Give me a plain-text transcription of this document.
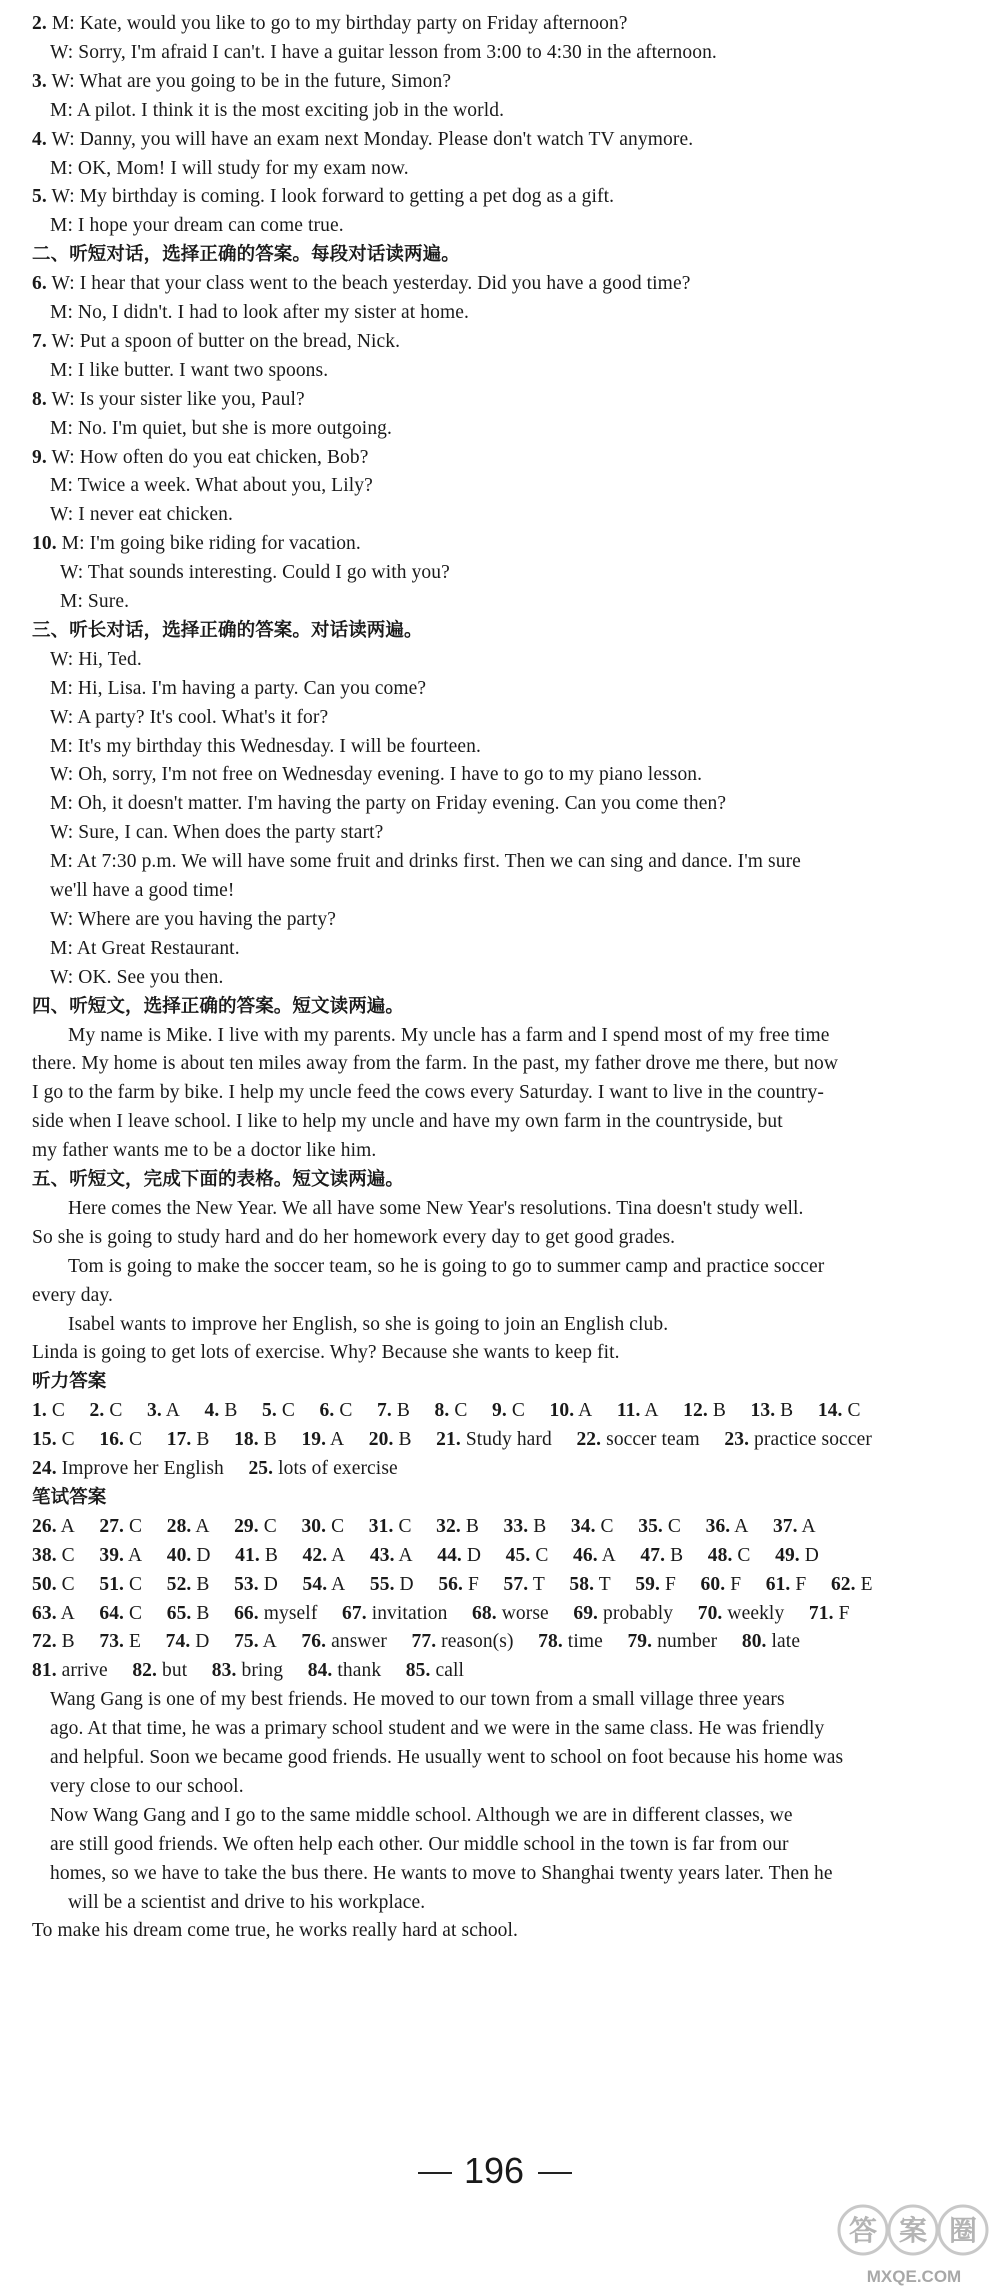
196
答 案 圈
MXQE.COM
2. M: Kate, would you like to go to my birthday party on Friday afternoon?
W: Sorry, I'm afraid I can't. I have a guitar lesson from 3:00 to 4:30 in the afternoon.
3. W: What are you going to be in the future, Simon?
M: A pilot. I think it is the most exciting job in the world.
4. W: Danny, you will have an exam next Monday. Please don't watch TV anymore.
M: OK, Mom! I will study for my exam now.
5. W: My birthday is coming. I look forward to getting a pet dog as a gift.
M: I hope your dream can come true.
二、听短对话，选择正确的答案。每段对话读两遍。
6. W: I hear that your class went to the beach yesterday. Did you have a good time?
M: No, I didn't. I had to look after my sister at home.
7. W: Put a spoon of butter on the bread, Nick.
M: I like butter. I want two spoons.
8. W: Is your sister like you, Paul?
M: No. I'm quiet, but she is more outgoing.
9. W: How often do you eat chicken, Bob?
M: Twice a week. What about you, Lily?
W: I never eat chicken.
10. M: I'm going bike riding for vacation.
W: That sounds interesting. Could I go with you?
M: Sure.
三、听长对话，选择正确的答案。对话读两遍。
W: Hi, Ted.
M: Hi, Lisa. I'm having a party. Can you come?
W: A party? It's cool. What's it for?
M: It's my birthday this Wednesday. I will be fourteen.
W: Oh, sorry, I'm not free on Wednesday evening. I have to go to my piano lesson.
M: Oh, it doesn't matter. I'm having the party on Friday evening. Can you come then?
W: Sure, I can. When does the party start?
M: At 7:30 p.m. We will have some fruit and drinks first. Then we can sing and dance. I'm sure
we'll have a good time!
W: Where are you having the party?
M: At Great Restaurant.
W: OK. See you then.
四、听短文，选择正确的答案。短文读两遍。
My name is Mike. I live with my parents. My uncle has a farm and I spend most of my free time
there. My home is about ten miles away from the farm. In the past, my father drove me there, but now
I go to the farm by bike. I help my uncle feed the cows every Saturday. I want to live in the country-
side when I leave school. I like to help my uncle and have my own farm in the countryside, but
my father wants me to be a doctor like him.
五、听短文，完成下面的表格。短文读两遍。
Here comes the New Year. We all have some New Year's resolutions. Tina doesn't study well.
So she is going to study hard and do her homework every day to get good grades.
Tom is going to make the soccer team, so he is going to go to summer camp and practice soccer
every day.
Isabel wants to improve her English, so she is going to join an English club.
Linda is going to get lots of exercise. Why? Because she wants to keep fit.
听力答案
1. C  2. C  3. A  4. B  5. C  6. C  7. B  8. C  9. C  10. A  11. A  12. B  13. B  14. C
15. C  16. C  17. B  18. B  19. A  20. B  21. Study hard  22. soccer team  23. practice soccer
24. Improve her English  25. lots of exercise
笔试答案
26. A  27. C  28. A  29. C  30. C  31. C  32. B  33. B  34. C  35. C  36. A  37. A
38. C  39. A  40. D  41. B  42. A  43. A  44. D  45. C  46. A  47. B  48. C  49. D
50. C  51. C  52. B  53. D  54. A  55. D  56. F  57. T  58. T  59. F  60. F  61. F  62. E
63. A  64. C  65. B  66. myself  67. invitation  68. worse  69. probably  70. weekly  71. F
72. B  73. E  74. D  75. A  76. answer  77. reason(s)  78. time  79. number  80. late
81. arrive  82. but  83. bring  84. thank  85. call
Wang Gang is one of my best friends. He moved to our town from a small village three years
ago. At that time, he was a primary school student and we were in the same class. He was friendly
and helpful. Soon we became good friends. He usually went to school on foot because his home was
very close to our school.
Now Wang Gang and I go to the same middle school. Although we are in different classes, we
are still good friends. We often help each other. Our middle school in the town is far from our
homes, so we have to take the bus there. He wants to move to Shanghai twenty years later. Then he
will be a scientist and drive to his workplace.
To make his dream come true, he works really hard at school.
